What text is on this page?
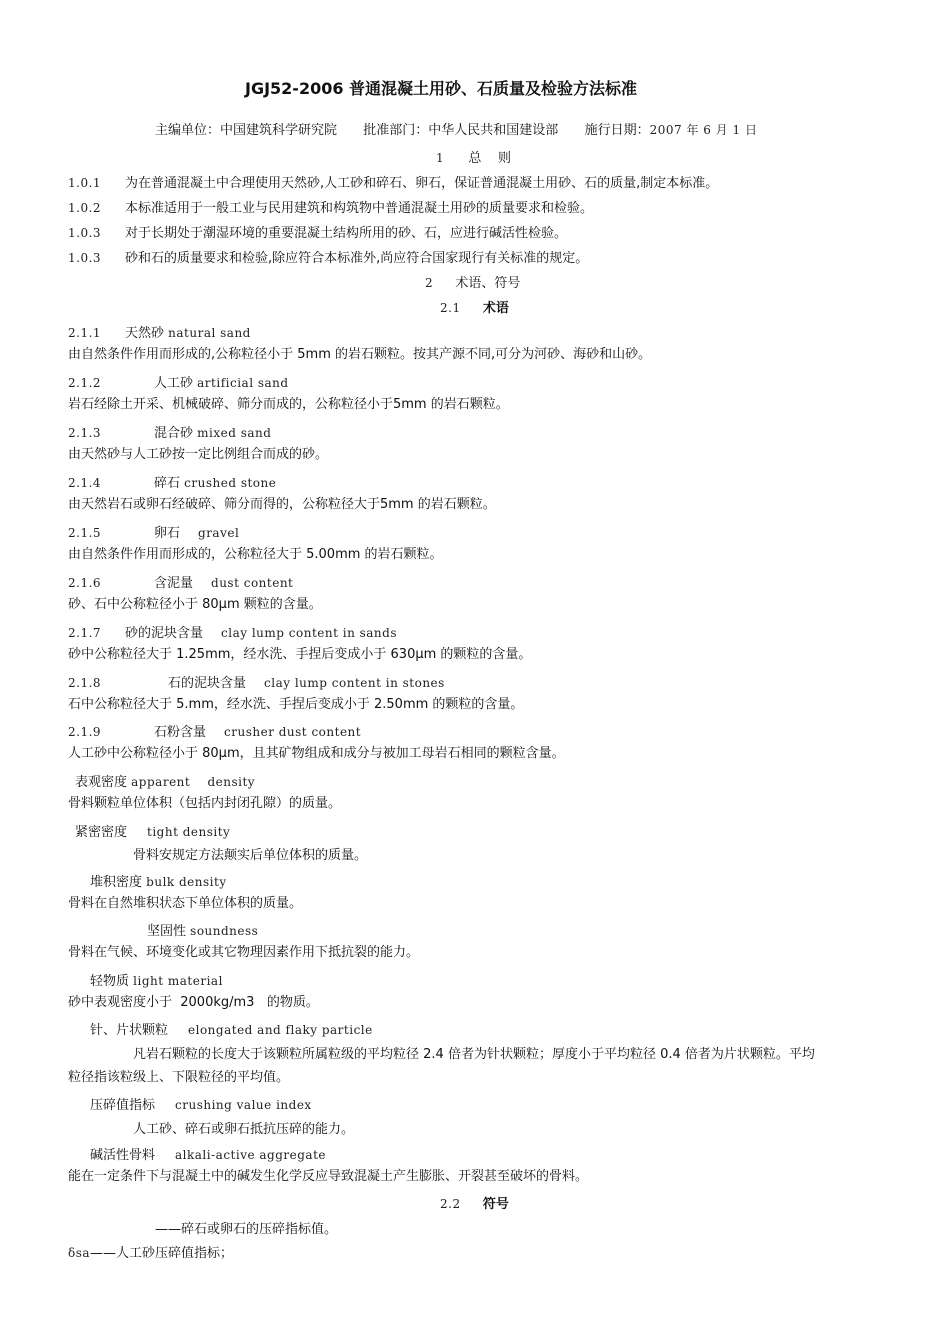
JGJ52-2006 普通混凝土用砂、石质量及检验方法标准
主编单位：中国建筑科学研究院 批准部门：中华人民共和国建设部 施行日期：2007 年 6 月 1 日
1 总    则
1.0.1 为在普通混凝土中合理使用天然砂,人工砂和碎石、卵石，保证普通混凝土用砂、石的质量,制定本标准。
1.0.2 本标准适用于一般工业与民用建筑和构筑物中普通混凝土用砂的质量要求和检验。
1.0.3 对于长期处于潮湿环境的重要混凝土结构所用的砂、石，应进行碱活性检验。
1.0.3 砂和石的质量要求和检验,除应符合本标准外,尚应符合国家现行有关标准的规定。
2 术语、符号
2.1 术语
2.1.1 天然砂 natural sand
由自然条件作用而形成的,公称粒径小于 5mm 的岩石颗粒。按其产源不同,可分为河砂、海砂和山砂。
2.1.2	人工砂 artificial sand
岩石经除土开采、机械破碎、筛分而成的，公称粒径小于5mm 的岩石颗粒。
2.1.3	混合砂 mixed sand
由天然砂与人工砂按一定比例组合而成的砂。
2.1.4	碎石 crushed stone
由天然岩石或卵石经破碎、筛分而得的，公称粒径大于5mm 的岩石颗粒。
2.1.5	卵石 gravel
由自然条件作用而形成的，公称粒径大于 5.00mm 的岩石颗粒。
2.1.6	含泥量 dust content
砂、石中公称粒径小于 80μm 颗粒的含量。
2.1.7 砂的泥块含量 clay lump content in sands
砂中公称粒径大于 1.25mm，经水洗、手捏后变成小于 630μm 的颗粒的含量。
2.1.8	石的泥块含量 clay lump content in stones
石中公称粒径大于 5.mm，经水洗、手捏后变成小于 2.50mm 的颗粒的含量。
2.1.9	石粉含量 crusher dust content
人工砂中公称粒径小于 80μm，且其矿物组成和成分与被加工母岩石相同的颗粒含量。
表观密度 apparent    density
骨料颗粒单位体积（包括内封闭孔隙）的质量。
紧密密度 tight density
骨料安规定方法颠实后单位体积的质量。
堆积密度 bulk density
骨料在自然堆积状态下单位体积的质量。
坚固性 soundness
骨料在气候、环境变化或其它物理因素作用下抵抗裂的能力。
轻物质 light material
砂中表观密度小于  2000kg/m3   的物质。
针、片状颗粒 elongated and flaky particle
凡岩石颗粒的长度大于该颗粒所属粒级的平均粒径 2.4 倍者为针状颗粒；厚度小于平均粒径 0.4 倍者为片状颗粒。平均
粒径指该粒级上、下限粒径的平均值。
压碎值指标 crushing value index
人工砂、碎石或卵石抵抗压碎的能力。
碱活性骨料 alkali-active aggregate
能在一定条件下与混凝土中的碱发生化学反应导致混凝土产生膨胀、开裂甚至破坏的骨料。
2.2 符号
——碎石或卵石的压碎指标值。
δsa——人工砂压碎值指标；
